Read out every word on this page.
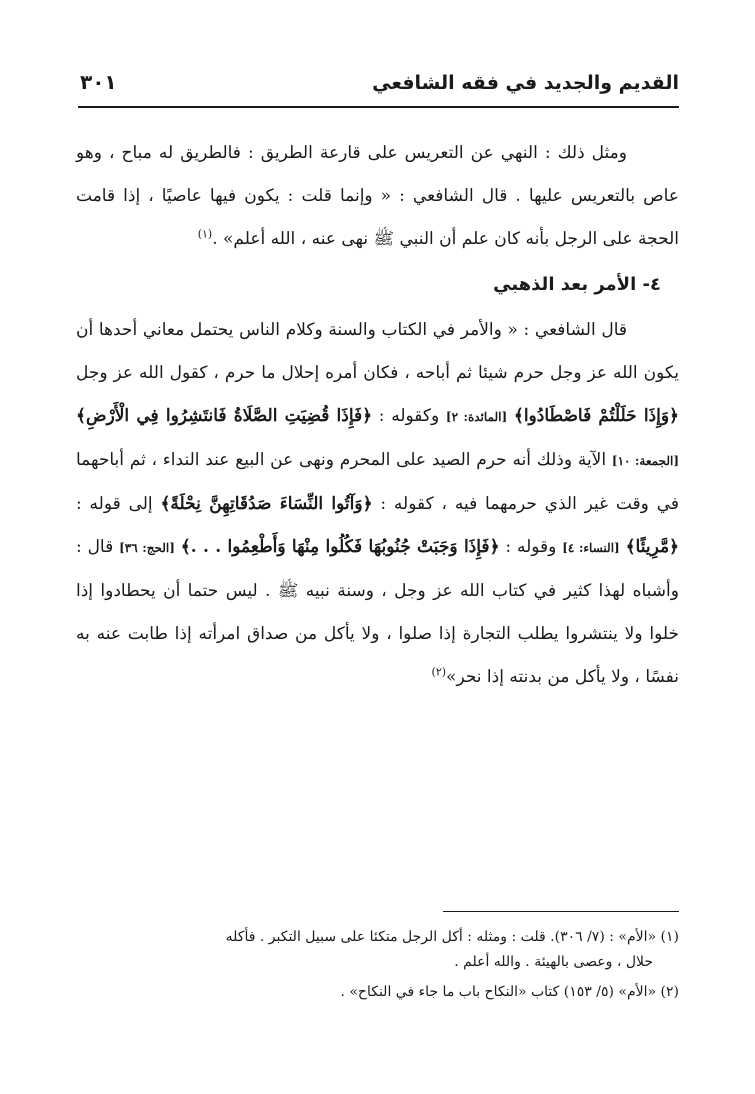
القديم والجديد في فقه الشافعي
٣٠١

ومثل ذلك : النهي عن التعريس على قارعة الطريق : فالطريق له مباح ، وهو عاص بالتعريس عليها . قال الشافعي : « وإنما قلت : يكون فيها عاصيًا ، إذا قامت الحجة على الرجل بأنه كان علم أن النبي ﷺ نهى عنه ، الله أعلم» .$^{(١)}$

٤- الأمر بعد الذهبي

قال الشافعي : « والأمر في الكتاب والسنة وكلام الناس يحتمل معاني أحدها أن يكون الله عز وجل حرم شيئا ثم أباحه ، فكان أمره إحلال ما حرم ، كقول الله عز وجل ﴿وَإِذَا حَلَلْتُمْ فَاصْطَادُوا﴾ [المائدة: ٢] وكقوله : ﴿فَإِذَا قُضِيَتِ الصَّلَاةُ فَانتَشِرُوا فِي الْأَرْضِ﴾ [الجمعة: ١٠] الآية وذلك أنه حرم الصيد على المحرم ونهى عن البيع عند النداء ، ثم أباحهما في وقت غير الذي حرمهما فيه ، كقوله : ﴿وَآتُوا النِّسَاءَ صَدُقَاتِهِنَّ نِحْلَةً﴾ إلى قوله : ﴿مَّرِيئًا﴾ [النساء: ٤] وقوله : ﴿فَإِذَا وَجَبَتْ جُنُوبُهَا فَكُلُوا مِنْهَا وَأَطْعِمُوا . . .﴾ [الحج: ٣٦] قال : وأشباه لهذا كثير في كتاب الله عز وجل ، وسنة نبيه ﷺ . ليس حتما أن يحطادوا إذا خلوا ولا ينتشروا يطلب التجارة إذا صلوا ، ولا يأكل من صداق امرأته إذا طابت عنه به نفسًا ، ولا يأكل من بدنته إذا نحر»$^{(٢)}$

(١) «الأم» : (٧/ ٣٠٦). قلت : ومثله : أكل الرجل متكئا على سبيل التكبر . فأكله
حلال ، وعصى بالهيئة . والله أعلم .

(٢) «الأم» (٥/ ١٥٣) كتاب «النكاح باب ما جاء في النكاح» .
